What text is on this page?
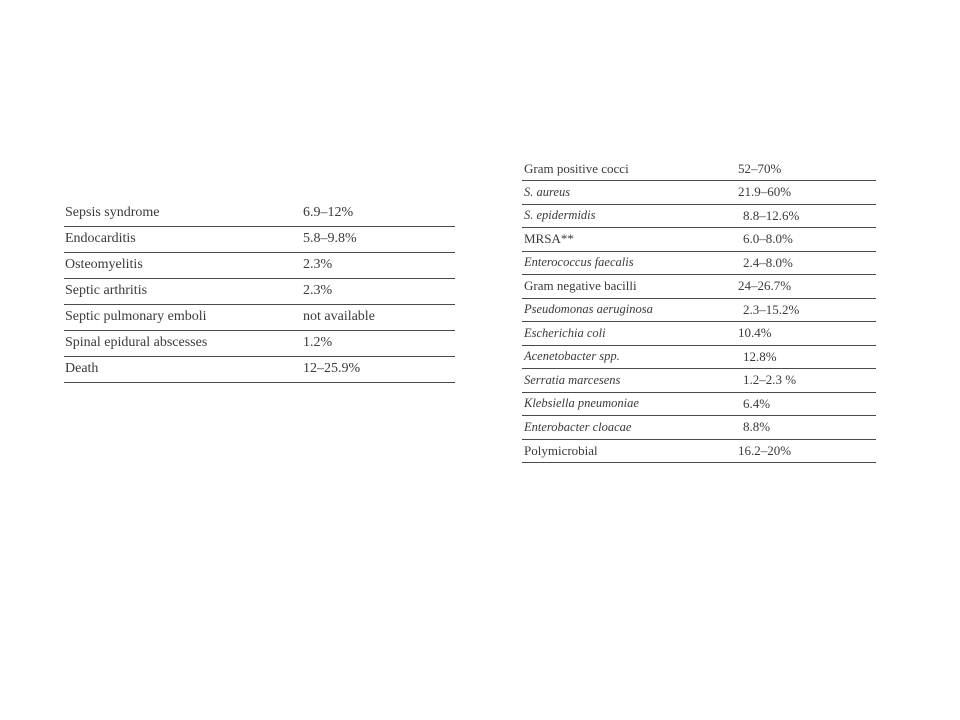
Sepsis syndrome	6.9–12%
Endocarditis	5.8–9.8%
Osteomyelitis	2.3%
Septic arthritis	2.3%
Septic pulmonary emboli	not available
Spinal epidural abscesses	1.2%
Death	12–25.9%
Gram positive cocci	52–70%
S. aureus	21.9–60%
S. epidermidis	8.8–12.6%
MRSA**	6.0–8.0%
Enterococcus faecalis	2.4–8.0%
Gram negative bacilli	24–26.7%
Pseudomonas aeruginosa	2.3–15.2%
Escherichia coli	10.4%
Acenetobacter spp.	12.8%
Serratia marcesens	1.2–2.3 %
Klebsiella pneumoniae	6.4%
Enterobacter cloacae	8.8%
Polymicrobial	16.2–20%
